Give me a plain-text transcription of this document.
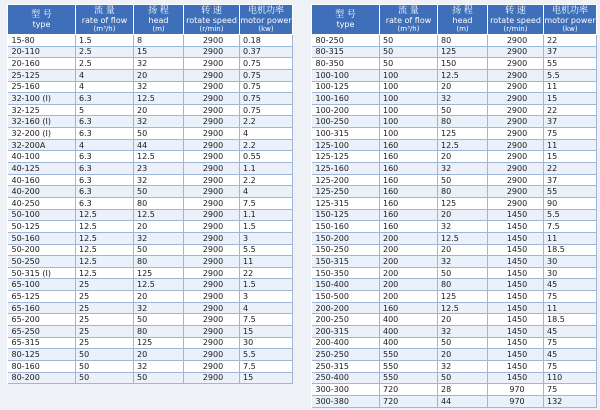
型 号
type	流 量
rate of flow
(m³/h)	扬 程
head
(m)	转 速
rotate speed
(r/min)	电机功率
motor power
(kw)

15-80	1.5	8	2900	0.18
20-110	2.5	15	2900	0.37
20-160	2.5	32	2900	0.75
25-125	4	20	2900	0.75
25-160	4	32	2900	0.75
32-100 (I)	6.3	12.5	2900	0.75
32-125	5	20	2900	0.75
32-160 (I)	6.3	32	2900	2.2
32-200 (I)	6.3	50	2900	4
32-200A	4	44	2900	2.2
40-100	6.3	12.5	2900	0.55
40-125	6.3	23	2900	1.1
40-160	6.3	32	2900	2.2
40-200	6.3	50	2900	4
40-250	6.3	80	2900	7.5
50-100	12.5	12.5	2900	1.1
50-125	12.5	20	2900	1.5
50-160	12.5	32	2900	3
50-200	12.5	50	2900	5.5
50-250	12.5	80	2900	11
50-315 (I)	12.5	125	2900	22
65-100	25	12.5	2900	1.5
65-125	25	20	2900	3
65-160	25	32	2900	4
65-200	25	50	2900	7.5
65-250	25	80	2900	15
65-315	25	125	2900	30
80-125	50	20	2900	5.5
80-160	50	32	2900	7.5
80-200	50	50	2900	15
型 号
type	流 量
rate of flow
(m³/h)	扬 程
head
(m)	转 速
rotate speed
(r/min)	电机功率
motor power
(kw)

80-250	50	80	2900	22
80-315	50	125	2900	37
80-350	50	150	2900	55
100-100	100	12.5	2900	5.5
100-125	100	20	2900	11
100-160	100	32	2900	15
100-200	100	50	2900	22
100-250	100	80	2900	37
100-315	100	125	2900	75
125-100	160	12.5	2900	11
125-125	160	20	2900	15
125-160	160	32	2900	22
125-200	160	50	2900	37
125-250	160	80	2900	55
125-315	160	125	2900	90
150-125	160	20	1450	5.5
150-160	160	32	1450	7.5
150-200	200	12.5	1450	11
150-250	200	20	1450	18.5
150-315	200	32	1450	30
150-350	200	50	1450	30
150-400	200	80	1450	45
150-500	200	125	1450	75
200-200	160	12.5	1450	11
200-250	400	20	1450	18.5
200-315	400	32	1450	45
200-400	400	50	1450	75
250-250	550	20	1450	45
250-315	550	32	1450	75
250-400	550	50	1450	110
300-300	720	28	970	75
300-380	720	44	970	132
